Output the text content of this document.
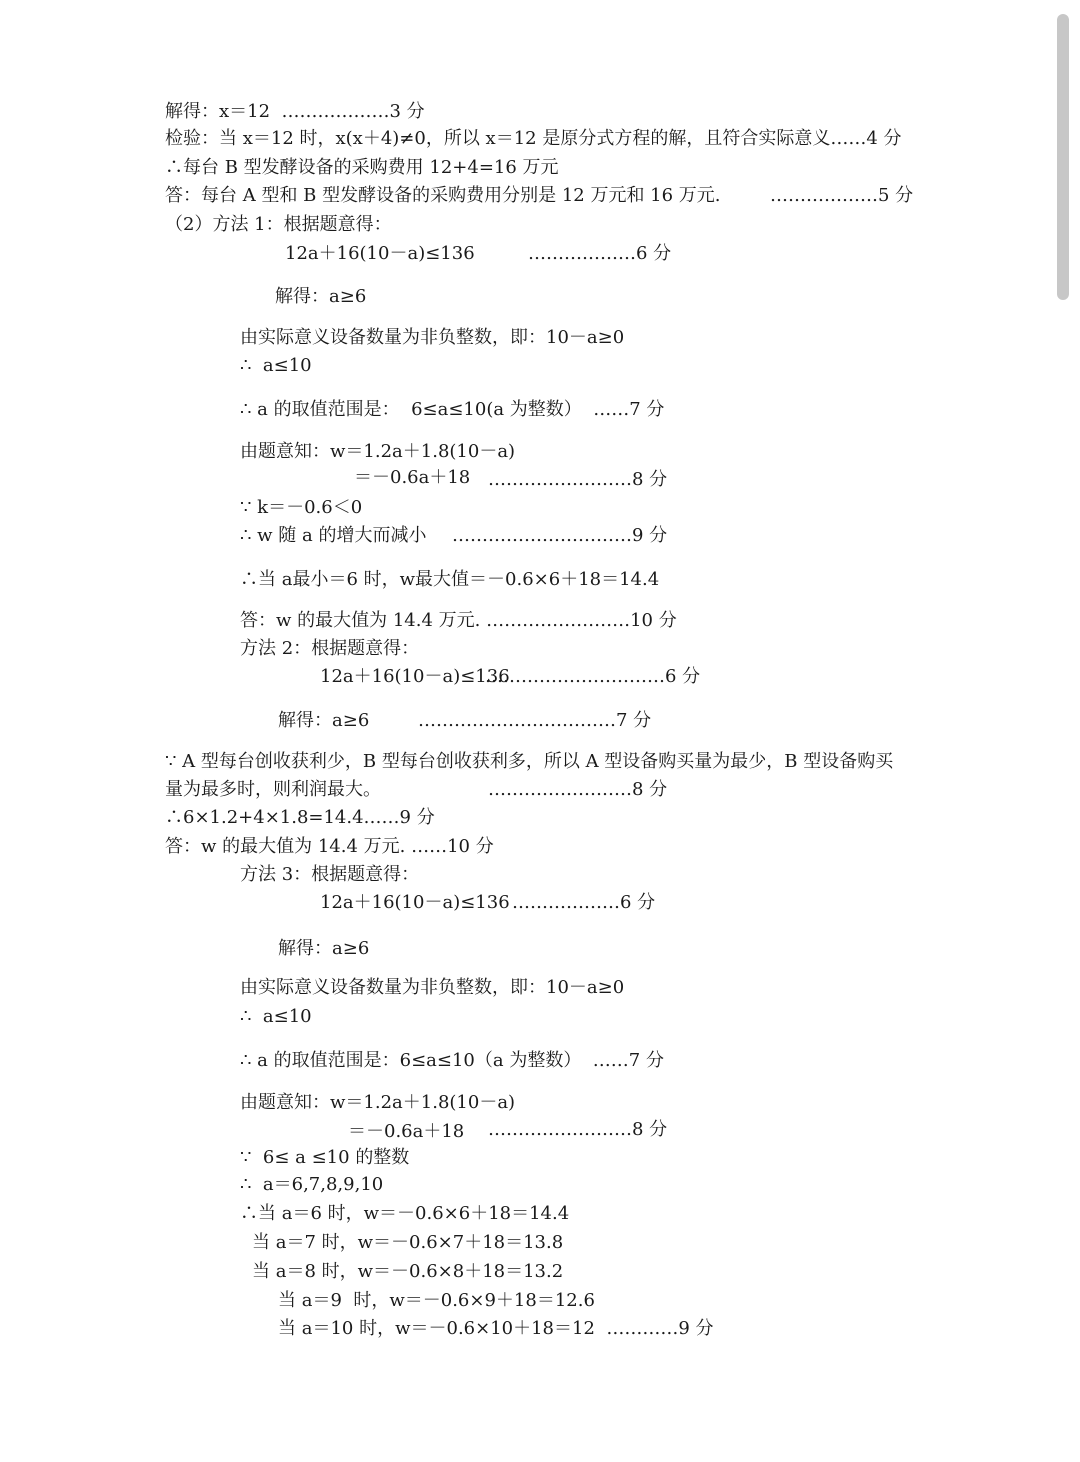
解得：x＝12  ………………3 分
检验：当 x＝12 时，x(x＋4)≠0，所以 x＝12 是原分式方程的解，且符合实际意义……4 分
∴每台 B 型发酵设备的采购费用 12+4=16 万元
答：每台 A 型和 B 型发酵设备的采购费用分别是 12 万元和 16 万元.	………………5 分
（2）方法 1：根据题意得：
12a＋16(10－a)≤136	………………6 分
解得：a≥6
由实际意义设备数量为非负整数，即：10－a≥0
∴  a≤10
∴ a 的取值范围是：  6≤a≤10(a 为整数）  ……7 分
由题意知：w＝1.2a＋1.8(10－a)
＝－0.6a＋18 ……………………8 分
∵ k＝－0.6＜0
∴ w 随 a 的增大而减小 …………………………9 分
∴当 a最小＝6 时，w最大值＝－0.6×6＋18＝14.4
答：w 的最大值为 14.4 万元. ……………………10 分
方法 2：根据题意得：
12a＋16(10－a)≤136
…………………………6 分
解得：a≥6	……………………………7 分
∵ A 型每台创收获利少，B 型每台创收获利多，所以 A 型设备购买量为最少，B 型设备购买
量为最多时，则利润最大。	……………………8 分
∴6×1.2+4×1.8=14.4……9 分
答：w 的最大值为 14.4 万元. ……10 分
方法 3：根据题意得：
12a＋16(10－a)≤136 ………………6 分
解得：a≥6
由实际意义设备数量为非负整数，即：10－a≥0
∴  a≤10
∴ a 的取值范围是：6≤a≤10（a 为整数）  ……7 分
由题意知：w＝1.2a＋1.8(10－a)
＝－0.6a＋18 ……………………8 分
∵  6≤ a ≤10 的整数
∴  a＝6,7,8,9,10
∴当 a＝6 时，w＝－0.6×6＋18＝14.4
当 a＝7 时，w＝－0.6×7＋18＝13.8
当 a＝8 时，w＝－0.6×8＋18＝13.2
当 a＝9  时，w＝－0.6×9＋18＝12.6
当 a＝10 时，w＝－0.6×10＋18＝12  …………9 分
